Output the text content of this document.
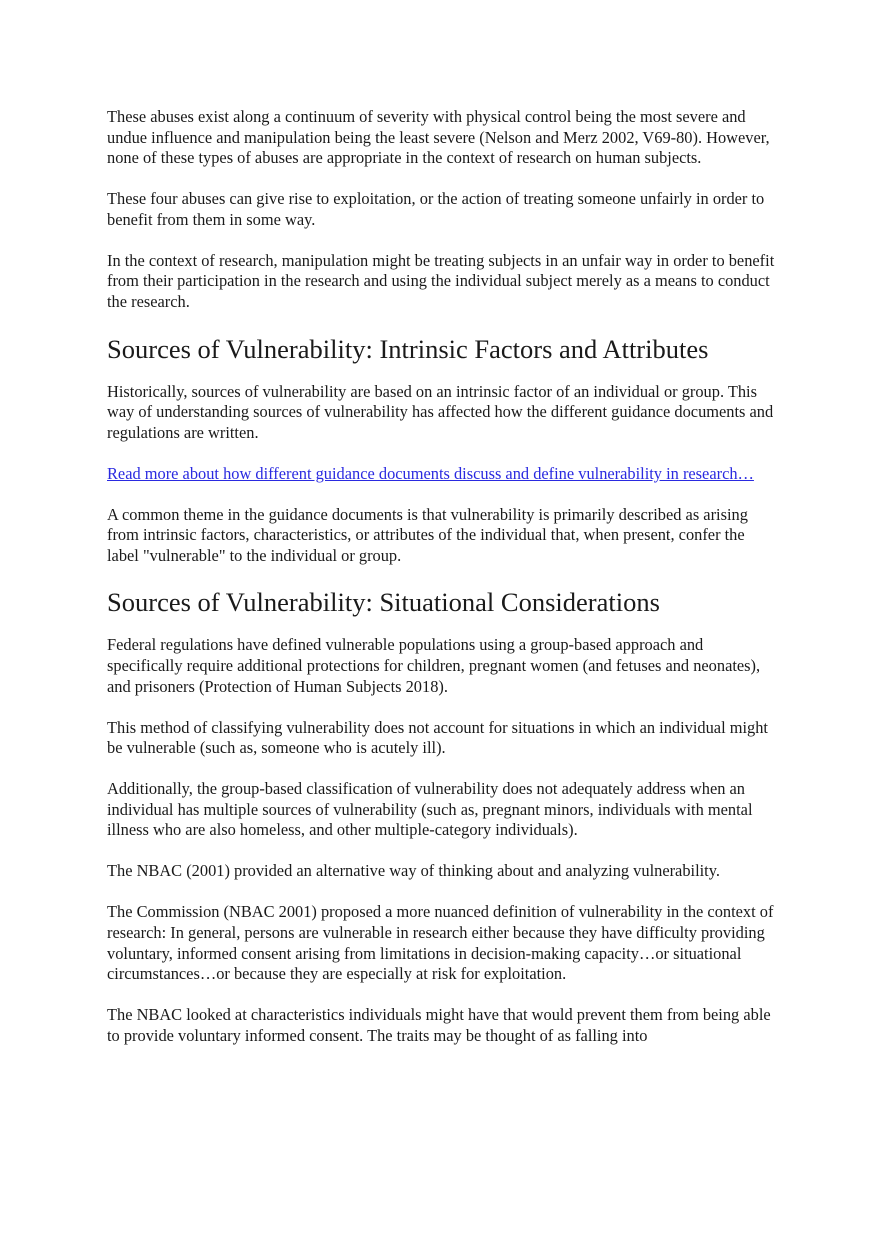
These abuses exist along a continuum of severity with physical control being the most severe and undue influence and manipulation being the least severe (Nelson and Merz 2002, V69-80). However, none of these types of abuses are appropriate in the context of research on human subjects.

These four abuses can give rise to exploitation, or the action of treating someone unfairly in order to benefit from them in some way.

In the context of research, manipulation might be treating subjects in an unfair way in order to benefit from their participation in the research and using the individual subject merely as a means to conduct the research.

Sources of Vulnerability: Intrinsic Factors and Attributes

Historically, sources of vulnerability are based on an intrinsic factor of an individual or group. This way of understanding sources of vulnerability has affected how the different guidance documents and regulations are written.

Read more about how different guidance documents discuss and define vulnerability in research…

A common theme in the guidance documents is that vulnerability is primarily described as arising from intrinsic factors, characteristics, or attributes of the individual that, when present, confer the label "vulnerable" to the individual or group.

Sources of Vulnerability: Situational Considerations

Federal regulations have defined vulnerable populations using a group-based approach and specifically require additional protections for children, pregnant women (and fetuses and neonates), and prisoners (Protection of Human Subjects 2018).

This method of classifying vulnerability does not account for situations in which an individual might be vulnerable (such as, someone who is acutely ill).

Additionally, the group-based classification of vulnerability does not adequately address when an individual has multiple sources of vulnerability (such as, pregnant minors, individuals with mental illness who are also homeless, and other multiple-category individuals).

The NBAC (2001) provided an alternative way of thinking about and analyzing vulnerability.

The Commission (NBAC 2001) proposed a more nuanced definition of vulnerability in the context of research: In general, persons are vulnerable in research either because they have difficulty providing voluntary, informed consent arising from limitations in decision-making capacity…or situational circumstances…or because they are especially at risk for exploitation.

The NBAC looked at characteristics individuals might have that would prevent them from being able to provide voluntary informed consent. The traits may be thought of as falling into
